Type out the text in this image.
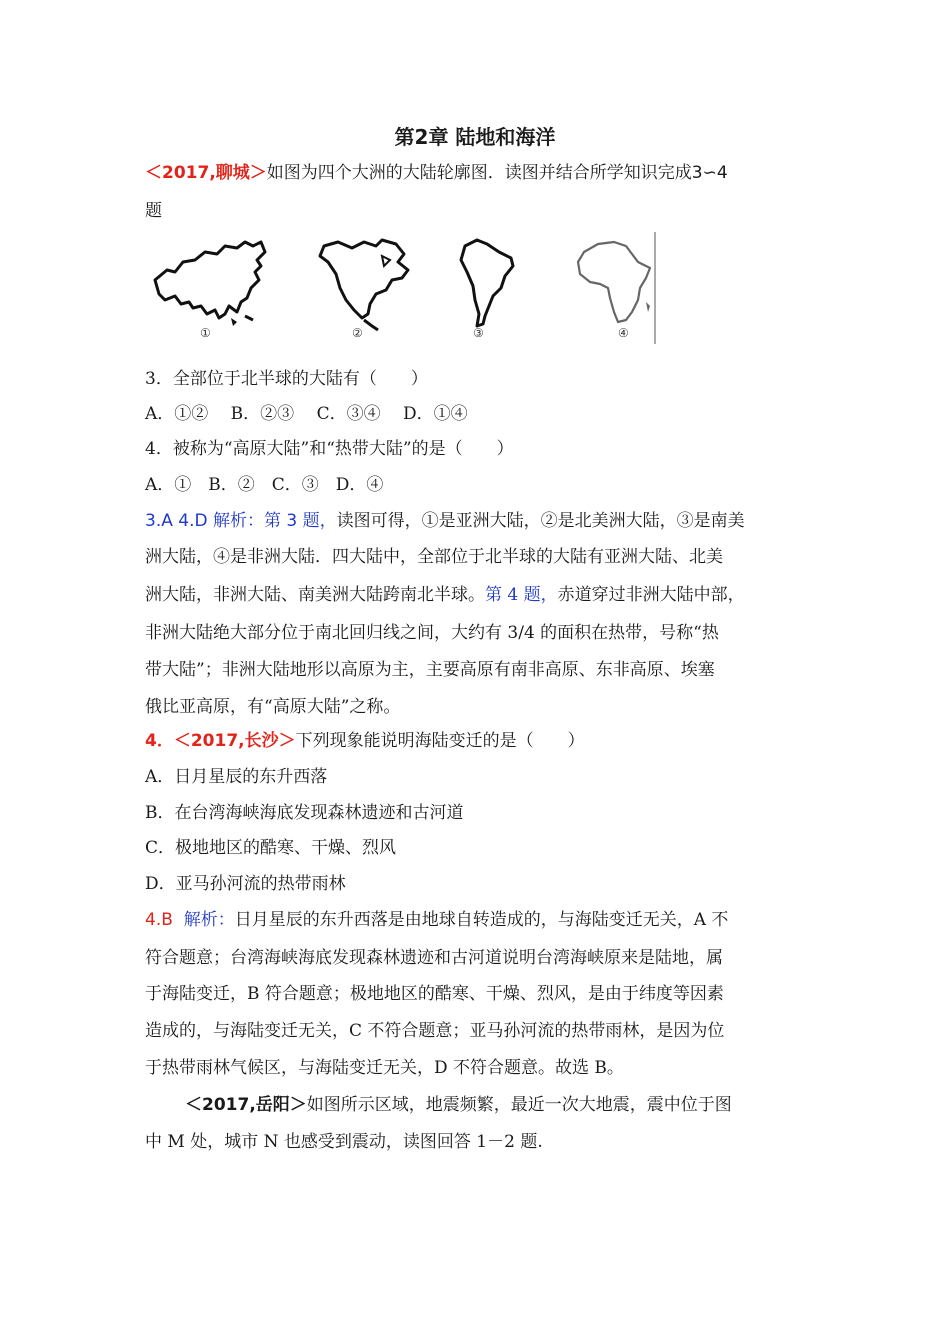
第2章 陆地和海洋
＜2017,聊城＞如图为四个大洲的大陆轮廓图．读图并结合所学知识完成3∽4
题
①	②	③	④
3．全部位于北半球的大陆有（　　）
A．①②　 B．②③　 C．③④　 D．①④
4．被称为“高原大陆”和“热带大陆”的是（　　）
A．①　B．②　C．③　D．④
3.A 4.D 解析：第 3 题，读图可得，①是亚洲大陆，②是北美洲大陆，③是南美
洲大陆，④是非洲大陆．四大陆中，全部位于北半球的大陆有亚洲大陆、北美
洲大陆，非洲大陆、南美洲大陆跨南北半球。第 4 题，赤道穿过非洲大陆中部，
非洲大陆绝大部分位于南北回归线之间，大约有 3/4 的面积在热带，号称“热
带大陆”；非洲大陆地形以高原为主，主要高原有南非高原、东非高原、埃塞
俄比亚高原，有“高原大陆”之称。
4．＜2017,长沙＞下列现象能说明海陆变迁的是（　　）
A．日月星辰的东升西落
B．在台湾海峡海底发现森林遗迹和古河道
C．极地地区的酷寒、干燥、烈风
D．亚马孙河流的热带雨林
4.B 解析：日月星辰的东升西落是由地球自转造成的，与海陆变迁无关，A 不
符合题意；台湾海峡海底发现森林遗迹和古河道说明台湾海峡原来是陆地，属
于海陆变迁，B 符合题意；极地地区的酷寒、干燥、烈风，是由于纬度等因素
造成的，与海陆变迁无关，C 不符合题意；亚马孙河流的热带雨林，是因为位
于热带雨林气候区，与海陆变迁无关，D 不符合题意。故选 B。
＜2017,岳阳＞如图所示区域，地震频繁，最近一次大地震，震中位于图
中 M 处，城市 N 也感受到震动，读图回答 1－2 题.
